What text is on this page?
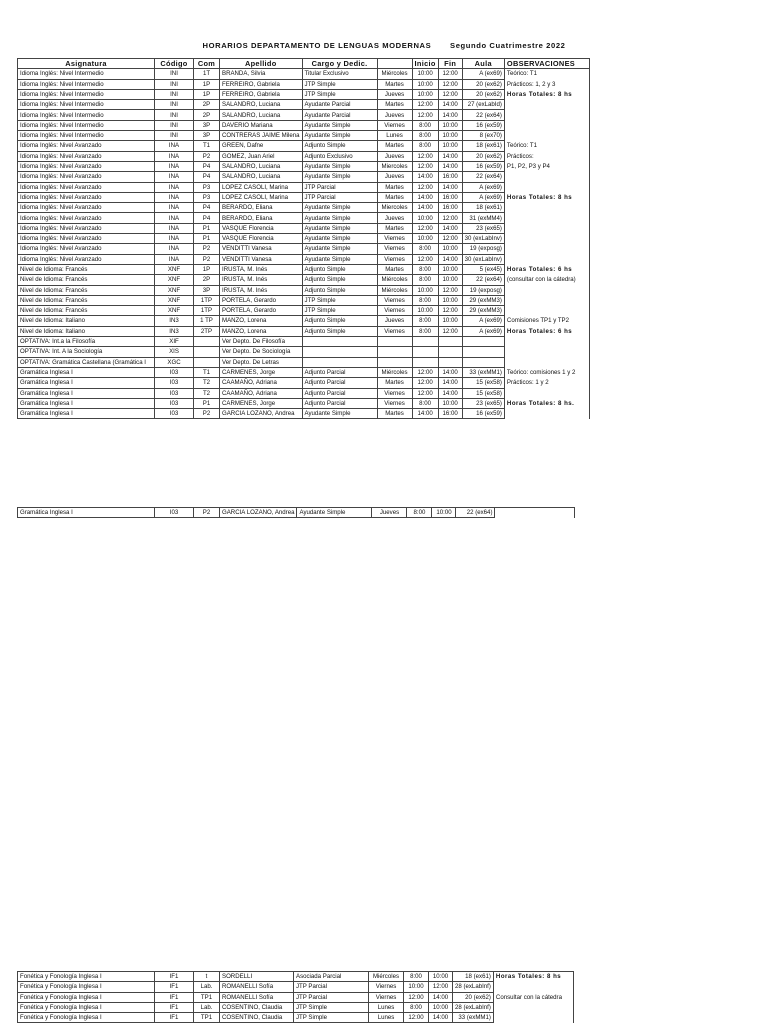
HORARIOS DEPARTAMENTO DE LENGUAS MODERNAS Segundo Cuatrimestre 2022
Asignatura	Código	Com	Apellido	Cargo y Dedic.		Inicio	Fin	Aula	OBSERVACIONES
Idioma Inglés: Nivel Intermedio	INI	1T	BRANDA, Silvia	Titular Exclusivo	Miércoles	10:00	12:00	A (ex69)	Teórico: T1
Idioma Inglés: Nivel Intermedio	INI	1P	FERREIRO, Gabriela	JTP Simple	Martes	10:00	12:00	20 (ex62)	Prácticos: 1, 2 y 3
Idioma Inglés: Nivel Intermedio	INI	1P	FERREIRO, Gabriela	JTP Simple	Jueves	10:00	12:00	20 (ex62)	Horas Totales: 8 hs
Idioma Inglés: Nivel Intermedio	INI	2P	SALANDRO, Luciana	Ayudante Parcial	Martes	12:00	14:00	27 (exLabId)	
Idioma Inglés: Nivel Intermedio	INI	2P	SALANDRO, Luciana	Ayudante Parcial	Jueves	12:00	14:00	22 (ex64)	
Idioma Inglés: Nivel Intermedio	INI	3P	DAVERIO Mariana	Ayudante Simple	Viernes	8:00	10:00	16 (ex59)	
Idioma Inglés: Nivel Intermedio	INI	3P	CONTRERAS JAIME Milena	Ayudante Simple	Lunes	8:00	10:00	8 (ex70)	
Idioma Inglés: Nivel Avanzado	INA	T1	GREEN, Dafne	Adjunto Simple	Martes	8:00	10:00	18 (ex61)	Teórico: T1
Idioma Inglés: Nivel Avanzado	INA	P2	GOMEZ, Juan Ariel	Adjunto Exclusivo	Jueves	12:00	14:00	20 (ex62)	Prácticos:
Idioma Inglés: Nivel Avanzado	INA	P4	SALANDRO, Luciana	Ayudante Simple	Miercoles	12:00	14:00	16 (ex59)	P1, P2, P3 y P4
Idioma Inglés: Nivel Avanzado	INA	P4	SALANDRO, Luciana	Ayudante Simple	Jueves	14:00	16:00	22 (ex64)	
Idioma Inglés: Nivel Avanzado	INA	P3	LOPEZ CASOLI, Marina	JTP Parcial	Martes	12:00	14:00	A (ex69)	
Idioma Inglés: Nivel Avanzado	INA	P3	LOPEZ CASOLI, Marina	JTP Parcial	Martes	14:00	16:00	A (ex69)	Horas Totales: 8 hs
Idioma Inglés: Nivel Avanzado	INA	P4	BERARDO, Eliana	Ayudante Simple	Miercoles	14:00	16:00	18 (ex61)	
Idioma Inglés: Nivel Avanzado	INA	P4	BERARDO, Eliana	Ayudante Simple	Jueves	10:00	12:00	31 (exMM4)	
Idioma Inglés: Nivel Avanzado	INA	P1	VASQUE Florencia	Ayudante Simple	Martes	12:00	14:00	23 (ex65)	
Idioma Inglés: Nivel Avanzado	INA	P1	VASQUE Florencia	Ayudante Simple	Viernes	10:00	12:00	30 (exLabInv)	
Idioma Inglés: Nivel Avanzado	INA	P2	VENDITTI Vanesa	Ayudante Simple	Viernes	8:00	10:00	19 (exposg)	
Idioma Inglés: Nivel Avanzado	INA	P2	VENDITTI Vanesa	Ayudante Simple	Viernes	12:00	14:00	30 (exLabInv)	
Nivel de Idioma: Francés	XNF	1P	IRUSTA, M. Inés	Adjunto Simple	Martes	8:00	10:00	5 (ex45)	Horas Totales: 6 hs
Nivel de Idioma: Francés	XNF	2P	IRUSTA, M. Inés	Adjunto Simple	Miércoles	8:00	10:00	22 (ex64)	(consultar con la cátedra)
Nivel de Idioma: Francés	XNF	3P	IRUSTA, M. Inés	Adjunto Simple	Miércoles	10:00	12:00	19 (exposg)	
Nivel de Idioma: Francés	XNF	1TP	PORTELA, Gerardo	JTP Simple	Viernes	8:00	10:00	29 (exMM3)	
Nivel de Idioma: Francés	XNF	1TP	PORTELA, Gerardo	JTP Simple	Viernes	10:00	12:00	29 (exMM3)	
Nivel de Idioma: Italiano	IN3	1 TP	MANZO, Lorena	Adjunto Simple	Jueves	8:00	10:00	A (ex69)	Comisiones TP1 y TP2
Nivel de Idioma: Italiano	IN3	2TP	MANZO, Lorena	Adjunto Simple	Viernes	8:00	12:00	A (ex69)	Horas Totales: 6 hs
OPTATIVA: Int.a la Filosofía	XIF		Ver Depto. De Filosofía						
OPTATIVA: Int. A la Sociología	XIS		Ver Depto. De Sociología						
OPTATIVA: Gramática Castellana (Gramática I	XGC		Ver Depto. De Letras						
Gramática Inglesa I	I03	T1	CARMENES, Jorge	Adjunto Parcial	Miércoles	12:00	14:00	33 (exMM1)	Teórico: comisiones 1 y 2
Gramática Inglesa I	I03	T2	CAAMAÑO, Adriana	Adjunto Parcial	Martes	12:00	14:00	15 (ex58)	Prácticos: 1 y 2
Gramática Inglesa I	I03	T2	CAAMAÑO, Adriana	Adjunto Parcial	Viernes	12:00	14:00	15 (ex58)	
Gramática Inglesa I	I03	P1	CARMENES, Jorge	Adjunto Parcial	Viernes	8:00	10:00	23 (ex65)	Horas Totales: 8 hs.
Gramática Inglesa I	I03	P2	GARCIA LOZANO, Andrea	Ayudante Simple	Martes	14:00	16:00	16 (ex59)	
Gramática Inglesa I	I03	P2	GARCIA LOZANO, Andrea	Ayudante Simple	Jueves	8:00	10:00	22 (ex64)	
Fonética y Fonología Inglesa I	IF1	t	SORDELLI	Asociada Parcial	Miércoles	8:00	10:00	18 (ex61)	Horas Totales: 8 hs
Fonética y Fonología Inglesa I	IF1	Lab.	ROMANELLI Sofía	JTP Parcial	Viernes	10:00	12:00	28 (exLabInf)	
Fonética y Fonología Inglesa I	IF1	TP1	ROMANELLI Sofía	JTP Parcial	Viernes	12:00	14:00	20 (ex62)	Consultar con la cátedra
Fonética y Fonología Inglesa I	IF1	Lab.	COSENTINO, Claudia	JTP Simple	Lunes	8:00	10:00	28 (exLabInf)	
Fonética y Fonología Inglesa I	IF1	TP1	COSENTINO, Claudia	JTP Simple	Lunes	12:00	14:00	33 (exMM1)	
